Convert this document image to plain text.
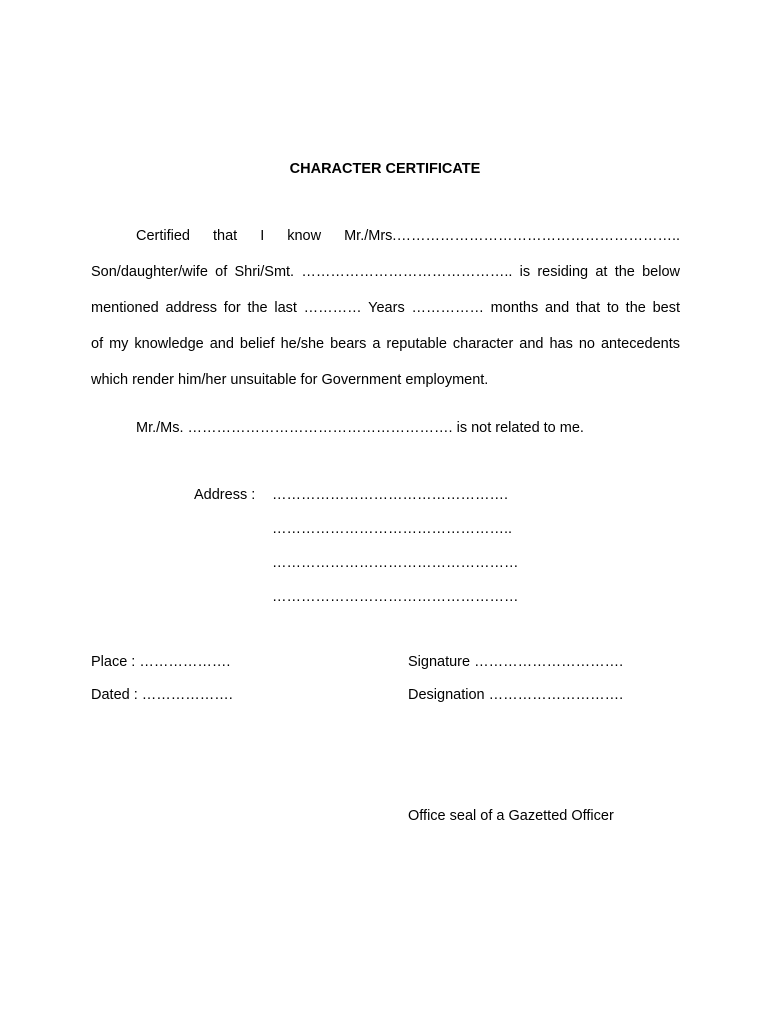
CHARACTER CERTIFICATE
Certified that I know Mr./Mrs.…………………………………………………..
Son/daughter/wife of Shri/Smt. …………………………………….. is residing at the below
mentioned address for the last ………… Years …………… months and that to the best
of my knowledge and belief he/she bears a reputable character and has no antecedents
which render him/her unsuitable for Government employment.
Mr./Ms. ………………………………………………. is not related to me.
Address : ………………………………………….
…………………………………………..
……………………………………………
……………………………………………
Place : ……………….	Signature ………………………….
Dated : ……………….	Designation ……………………….
Office seal of a Gazetted Officer
